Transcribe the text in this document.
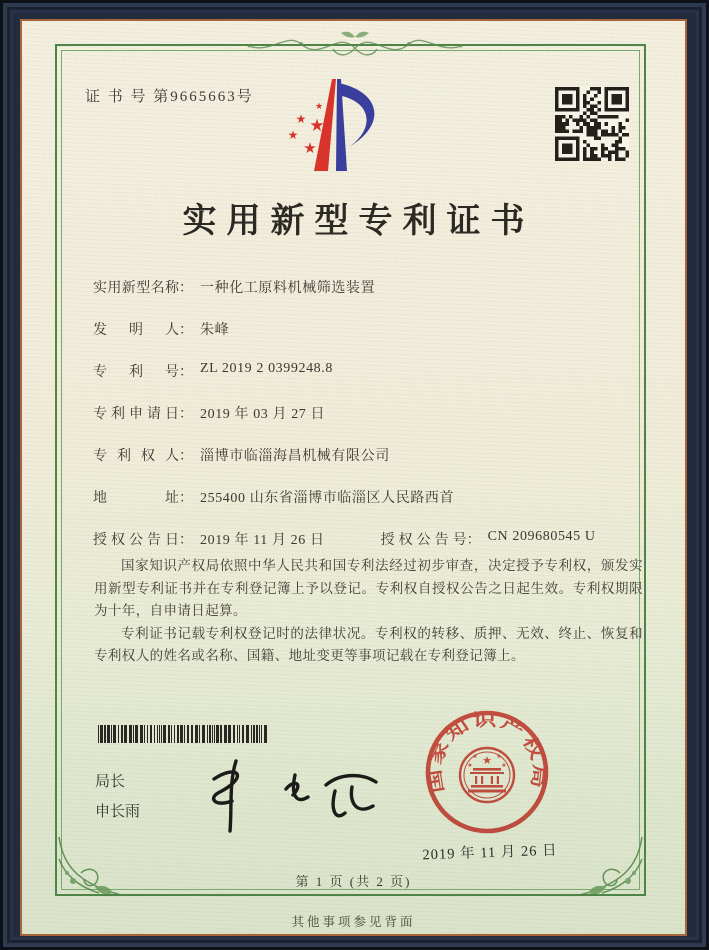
证 书 号 第9665663号
★
★ ★
★
★
实用新型专利证书
实用新型名称 ： 一种化工原料机械筛选装置
发明人 ： 朱峰
专利号 ： ZL 2019 2 0399248.8
专利申请日 ： 2019 年 03 月 27 日
专利权人 ： 淄博市临淄海昌机械有限公司
地址 ： 255400 山东省淄博市临淄区人民路西首
授权公告日 ： 2019 年 11 月 26 日	授权公告号 ： CN 209680545 U

国家知识产权局依照中华人民共和国专利法经过初步审查，决定授予专利权，颁发实用新型专利证书并在专利登记簿上予以登记。专利权自授权公告之日起生效。专利权期限为十年，自申请日起算。

专利证书记载专利权登记时的法律状况。专利权的转移、质押、无效、终止、恢复和专利权人的姓名或名称、国籍、地址变更等事项记载在专利登记簿上。

局长
申长雨
国家知识产权局
★
★	★
★	★
2019 年 11 月 26 日
第 1 页 (共 2 页)
其他事项参见背面
